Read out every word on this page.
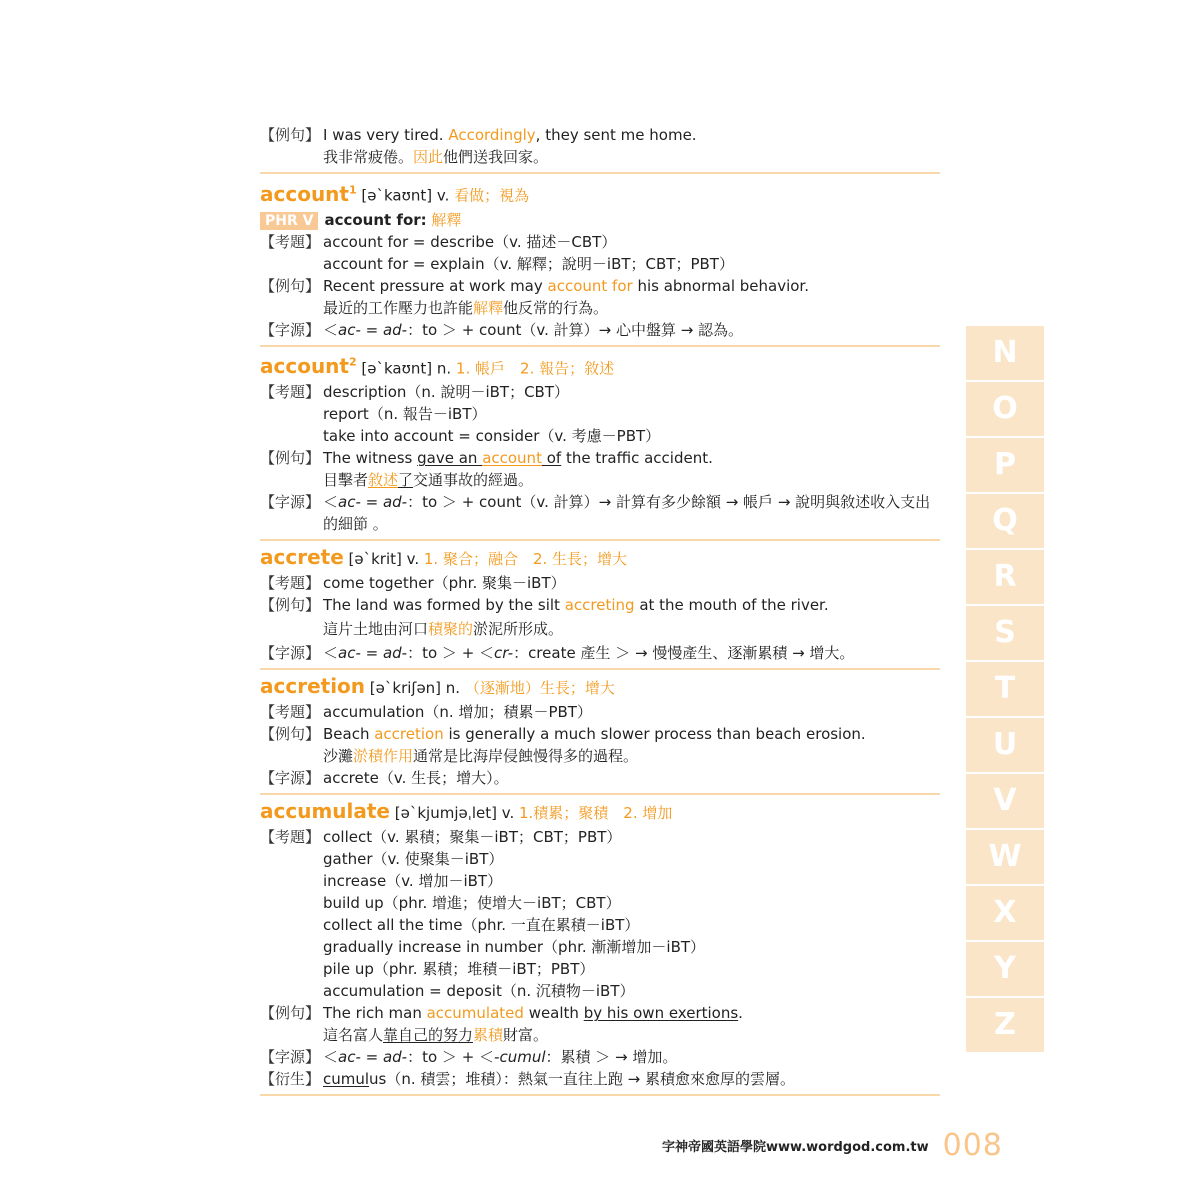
【例句】 I was very tired. Accordingly, they sent me home.
我非常疲倦。因此他們送我回家。
account$^1$ [ə`kaʊnt] v. 看做；視為
PHR V account for: 解釋
【考題】 account for = describe（v. 描述－CBT）
account for = explain（v. 解釋；說明－iBT；CBT；PBT）
【例句】 Recent pressure at work may account for his abnormal behavior.
最近的工作壓力也許能解釋他反常的行為。
【字源】 ＜ac- = ad-：to ＞ + count（v. 計算）→ 心中盤算 → 認為。
account$^2$ [ə`kaʊnt] n. 1. 帳戶　2. 報告；敘述
【考題】 description（n. 說明－iBT；CBT）
report（n. 報告－iBT）
take into account = consider（v. 考慮－PBT）
【例句】 The witness gave an account of the traffic accident.
目擊者敘述了交通事故的經過。
【字源】 ＜ac- = ad-：to ＞ + count（v. 計算）→ 計算有多少餘額 → 帳戶 → 說明與敘述收入支出
的細節 。
accrete [ə`krit] v. 1. 聚合；融合　2. 生長；增大
【考題】 come together（phr. 聚集－iBT）
【例句】 The land was formed by the silt accreting at the mouth of the river.
這片土地由河口積聚的淤泥所形成。
【字源】 ＜ac- = ad-：to ＞ + ＜cr-：create 產生 ＞ → 慢慢產生、逐漸累積 → 增大。
accretion [ə`kriʃən] n. （逐漸地）生長；增大
【考題】 accumulation（n. 增加；積累－PBT）
【例句】 Beach accretion is generally a much slower process than beach erosion.
沙灘淤積作用通常是比海岸侵蝕慢得多的過程。
【字源】 accrete（v. 生長；增大）。
accumulate [ə`kjumjəˌlet] v. 1.積累；聚積　2. 增加
【考題】 collect（v. 累積；聚集－iBT；CBT；PBT）
gather（v. 使聚集－iBT）
increase（v. 增加－iBT）
build up（phr. 增進；使增大－iBT；CBT）
collect all the time（phr. 一直在累積－iBT）
gradually increase in number（phr. 漸漸增加－iBT）
pile up（phr. 累積；堆積－iBT；PBT）
accumulation = deposit（n. 沉積物－iBT）
【例句】 The rich man accumulated wealth by his own exertions.
這名富人靠自己的努力累積財富。
【字源】 ＜ac- = ad-：to ＞ + ＜-cumul：累積 ＞ → 增加。
【衍生】 cumulus（n. 積雲；堆積）：熱氣一直往上跑 → 累積愈來愈厚的雲層。
N
O
P
Q
R
S
T
U
V
W
X
Y
Z
字神帝國英語學院www.wordgod.com.tw 008
